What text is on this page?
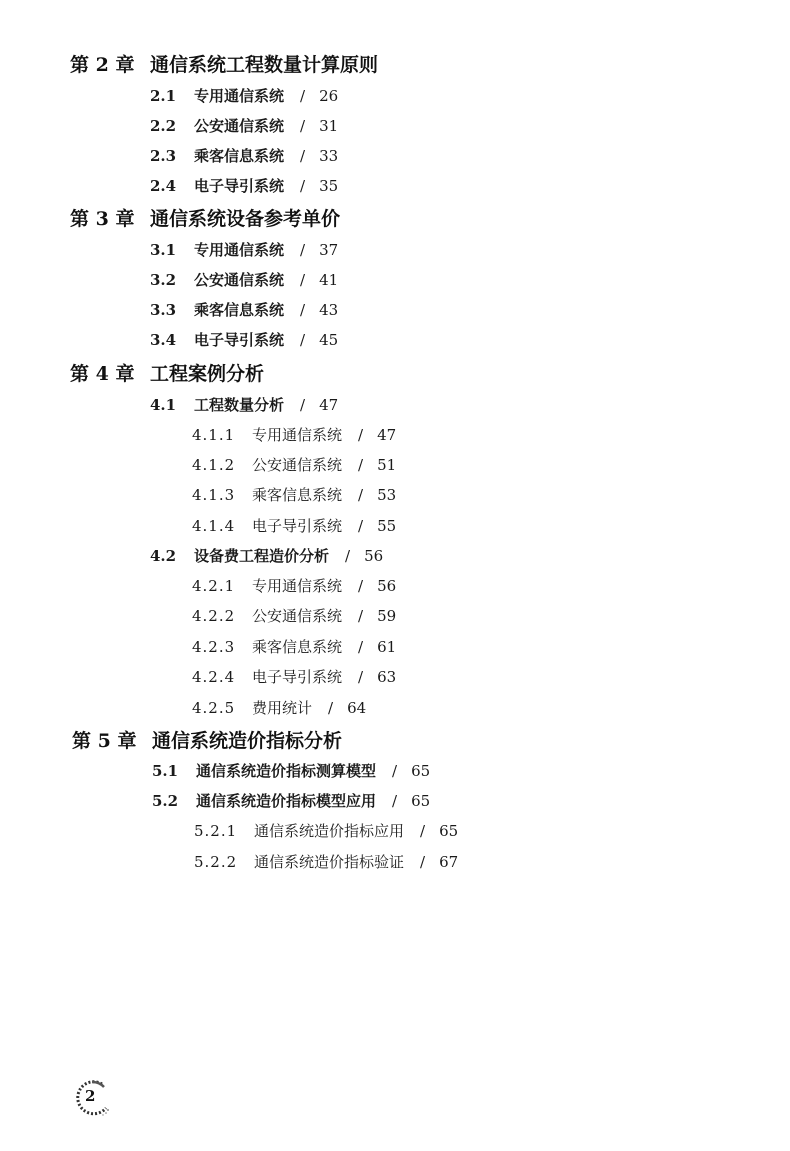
第 2 章 通信系统工程数量计算原则
2.1 专用通信系统 / 26
2.2 公安通信系统 / 31
2.3 乘客信息系统 / 33
2.4 电子导引系统 / 35
第 3 章 通信系统设备参考单价
3.1 专用通信系统 / 37
3.2 公安通信系统 / 41
3.3 乘客信息系统 / 43
3.4 电子导引系统 / 45
第 4 章 工程案例分析
4.1 工程数量分析 / 47
4.1.1 专用通信系统 / 47
4.1.2 公安通信系统 / 51
4.1.3 乘客信息系统 / 53
4.1.4 电子导引系统 / 55
4.2 设备费工程造价分析 / 56
4.2.1 专用通信系统 / 56
4.2.2 公安通信系统 / 59
4.2.3 乘客信息系统 / 61
4.2.4 电子导引系统 / 63
4.2.5 费用统计 / 64
第 5 章 通信系统造价指标分析
5.1 通信系统造价指标测算模型 / 65
5.2 通信系统造价指标模型应用 / 65
5.2.1 通信系统造价指标应用 / 65
5.2.2 通信系统造价指标验证 / 67
2
